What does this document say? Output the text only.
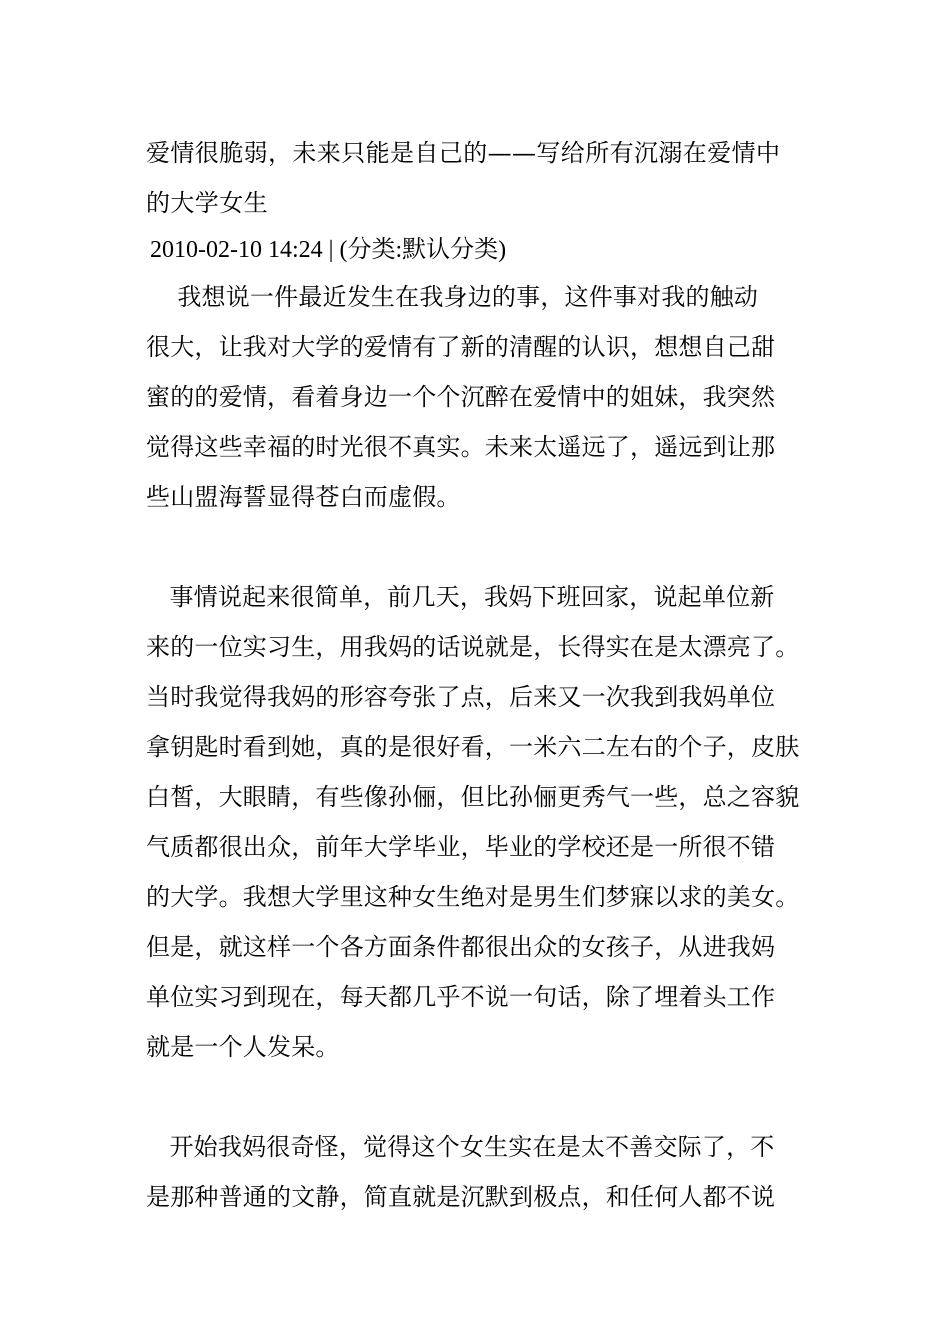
爱情很脆弱，未来只能是自己的——写给所有沉溺在爱情中
的大学女生
2010-02-10 14:24 | (分类:默认分类)
我想说一件最近发生在我身边的事，这件事对我的触动
很大，让我对大学的爱情有了新的清醒的认识，想想自己甜
蜜的的爱情，看着身边一个个沉醉在爱情中的姐妹，我突然
觉得这些幸福的时光很不真实。未来太遥远了，遥远到让那
些山盟海誓显得苍白而虚假。
事情说起来很简单，前几天，我妈下班回家，说起单位新
来的一位实习生，用我妈的话说就是，长得实在是太漂亮了。
当时我觉得我妈的形容夸张了点，后来又一次我到我妈单位
拿钥匙时看到她，真的是很好看，一米六二左右的个子，皮肤
白皙，大眼睛，有些像孙俪，但比孙俪更秀气一些，总之容貌
气质都很出众，前年大学毕业，毕业的学校还是一所很不错
的大学。我想大学里这种女生绝对是男生们梦寐以求的美女。
但是，就这样一个各方面条件都很出众的女孩子，从进我妈
单位实习到现在，每天都几乎不说一句话，除了埋着头工作
就是一个人发呆。
开始我妈很奇怪，觉得这个女生实在是太不善交际了，不
是那种普通的文静，简直就是沉默到极点，和任何人都不说
